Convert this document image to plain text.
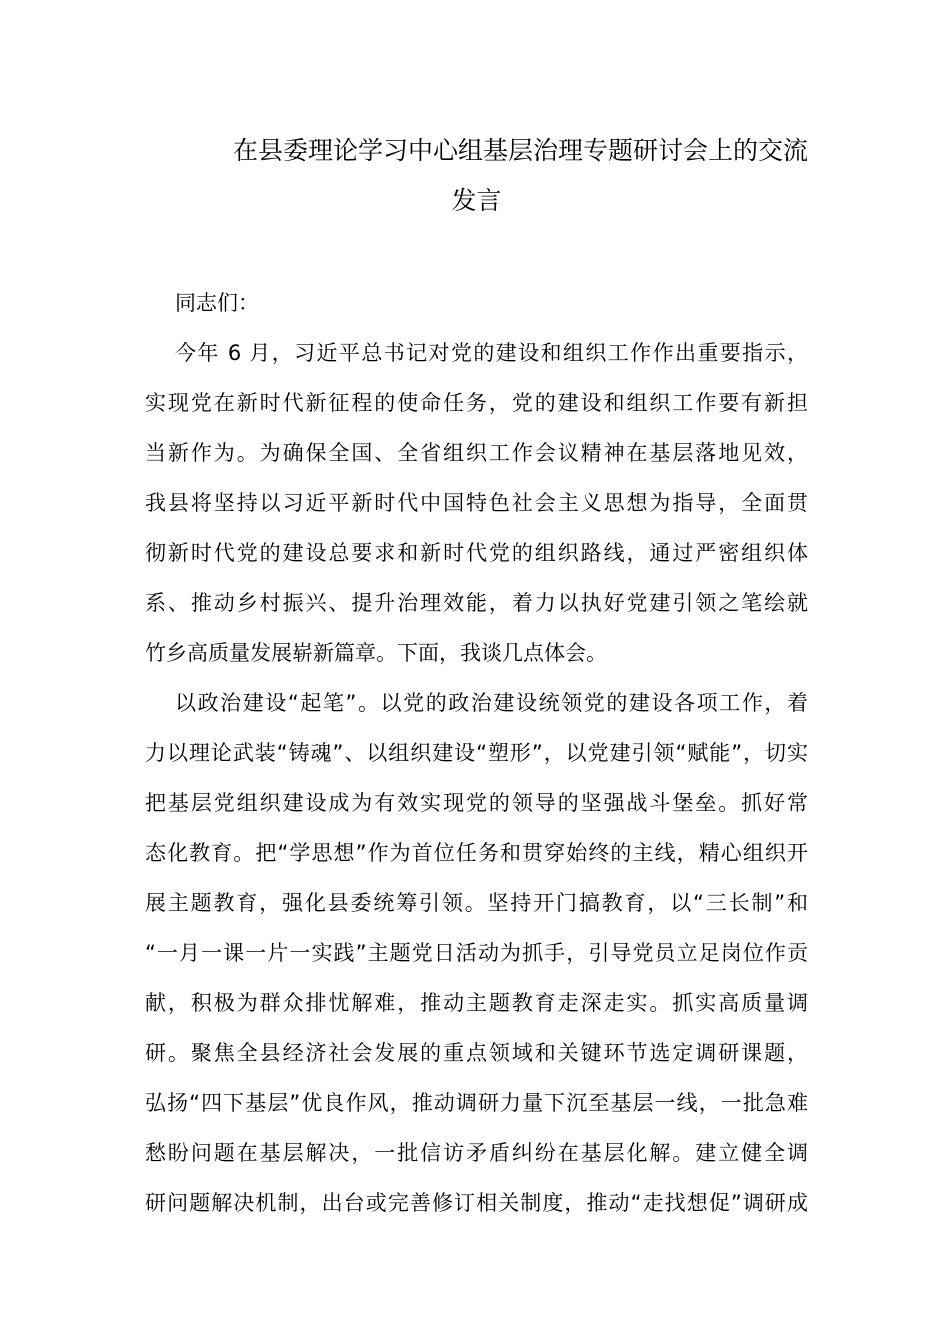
在县委理论学习中心组基层治理专题研讨会上的交流
发言
同志们：
今年 6 月，习近平总书记对党的建设和组织工作作出重要指示，
实现党在新时代新征程的使命任务，党的建设和组织工作要有新担
当新作为。为确保全国、全省组织工作会议精神在基层落地见效，
我县将坚持以习近平新时代中国特色社会主义思想为指导，全面贯
彻新时代党的建设总要求和新时代党的组织路线，通过严密组织体
系、推动乡村振兴、提升治理效能，着力以执好党建引领之笔绘就
竹乡高质量发展崭新篇章。下面，我谈几点体会。
以政治建设“起笔”。以党的政治建设统领党的建设各项工作，着
力以理论武装“铸魂”、以组织建设“塑形”，以党建引领“赋能”，切实
把基层党组织建设成为有效实现党的领导的坚强战斗堡垒。抓好常
态化教育。把“学思想”作为首位任务和贯穿始终的主线，精心组织开
展主题教育，强化县委统筹引领。坚持开门搞教育，以“三长制”和
“一月一课一片一实践”主题党日活动为抓手，引导党员立足岗位作贡
献，积极为群众排忧解难，推动主题教育走深走实。抓实高质量调
研。聚焦全县经济社会发展的重点领域和关键环节选定调研课题，
弘扬“四下基层”优良作风，推动调研力量下沉至基层一线，一批急难
愁盼问题在基层解决，一批信访矛盾纠纷在基层化解。建立健全调
研问题解决机制，出台或完善修订相关制度，推动“走找想促”调研成
